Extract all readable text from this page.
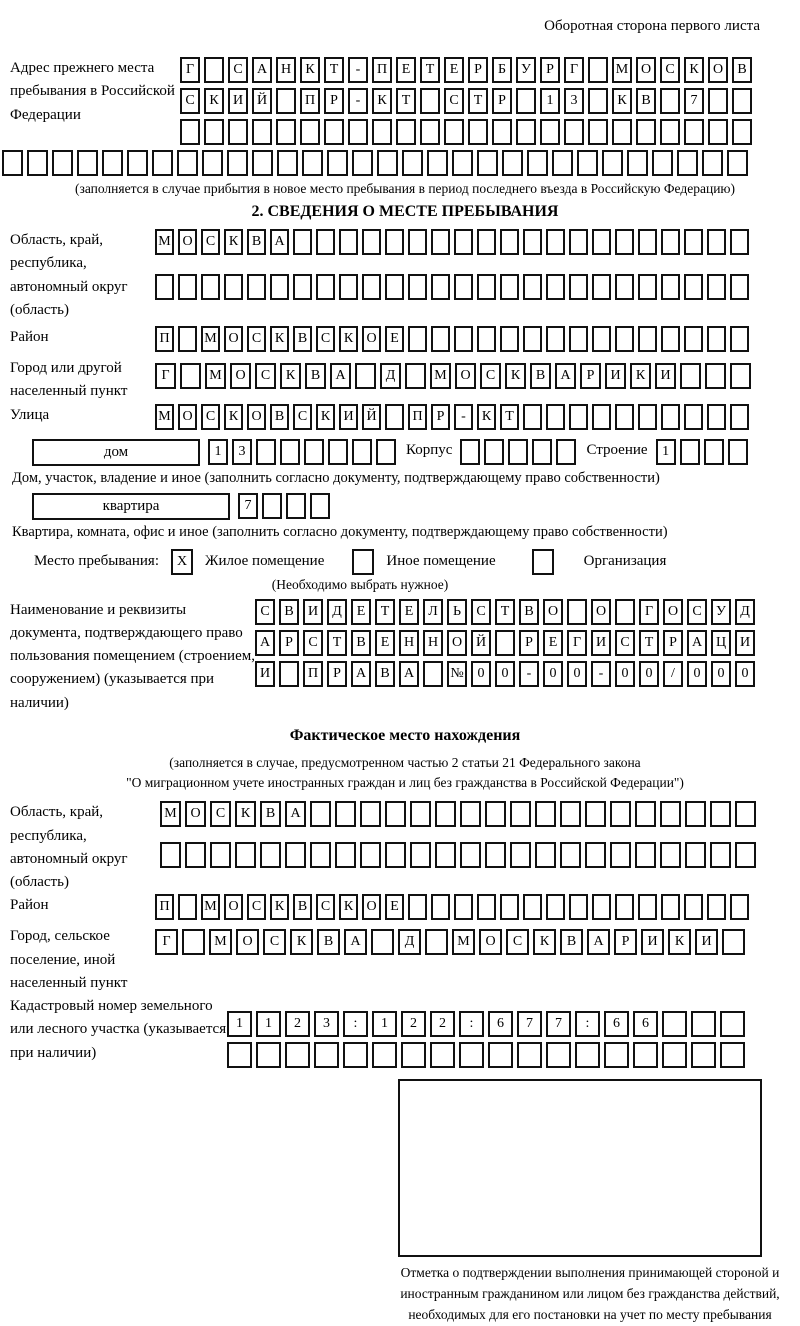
Оборотная сторона первого листа
Адрес прежнего места пребывания в Российской Федерации
Г	С	А Н	К	Т	-	П	Е	Т	Е	Р	Б	У	Р	Г	М О	С	К	О	В
С	К	И Й	П	Р	-	К	Т	С	Т	Р	1	3	К	В	7
(заполняется в случае прибытия в новое место пребывания в период последнего въезда в Российскую Федерацию)
2. СВЕДЕНИЯ О МЕСТЕ ПРЕБЫВАНИЯ
Область, край, республика, автономный округ (область)
М О С К В А
Район	П	М О С К В С К О Е
Город или другой населенный пункт
Г	М О	С	К	В	А	Д	М О	С	К	В	А	Р	И	К	И
Улица	М О С К О В С К И Й	П	Р	-	К	Т
дом	1	3	Корпус	Строение	1
Дом, участок, владение и иное (заполнить согласно документу, подтверждающему право собственности)
квартира	7
Квартира, комната, офис и иное (заполнить согласно документу, подтверждающему право собственности)
Место пребывания:	X	Жилое помещение	Иное помещение	Организация
(Необходимо выбрать нужное)
Наименование и реквизиты документа, подтверждающего право пользования помещением (строением, сооружением) (указывается при наличии)
С	В	И	Д	Е	Т	Е	Л	Ь	С	Т	В	О	О	Г	О	С	У	Д
А	Р	С	Т	В	Е	Н Н О Й	Р	Е	Г	И	С	Т	Р	А Ц И
И	П	Р	А	В	А	№ 0	0	-	0	0	-	0	0	/	0	0	0
Фактическое место нахождения
(заполняется в случае, предусмотренном частью 2 статьи 21 Федерального закона
"О миграционном учете иностранных граждан и лиц без гражданства в Российской Федерации")
Область, край, республика, автономный округ (область)
М О	С	К	В	А
Район	П	М О С К В С К О Е
Город, сельское поселение, иной населенный пункт
Г	М	О	С	К	В	А	Д	М	О	С	К	В	А	Р	И	К	И
Кадастровый номер земельного или лесного участка (указывается при наличии)
1	1	2	3	:	1	2	2	:	6	7	7	:	6	6
Отметка о подтверждении выполнения принимающей стороной и иностранным гражданином или лицом без гражданства действий, необходимых для его постановки на учет по месту пребывания
